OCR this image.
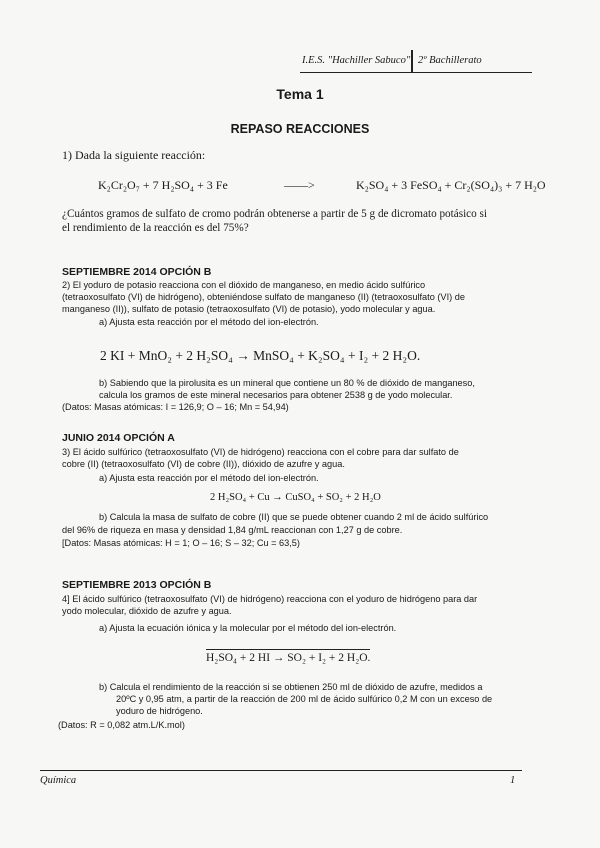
I.E.S. "Hachiller Sabuco" 2º Bachillerato
Tema 1
REPASO REACCIONES
1) Dada la siguiente reacción:
K₂Cr₂O₇ + 7 H₂SO₄ + 3 Fe	——>	K₂SO₄ + 3 FeSO₄ + Cr₂(SO₄)₃ + 7 H₂O
¿Cuántos gramos de sulfato de cromo podrán obtenerse a partir de 5 g de dicromato potásico si
el rendimiento de la reacción es del 75%?
SEPTIEMBRE 2014 OPCIÓN B
2) El yoduro de potasio reacciona con el dióxido de manganeso, en medio ácido sulfúrico
(tetraoxosulfato (VI) de hidrógeno), obteniéndose sulfato de manganeso (II) (tetraoxosulfato (VI) de
manganeso (II)), sulfato de potasio (tetraoxosulfato (VI) de potasio), yodo molecular y agua.
a) Ajusta esta reacción por el método del ion-electrón.
2 KI + MnO₂ + 2 H₂SO₄ → MnSO₄ + K₂SO₄ + I₂ + 2 H₂O.
b) Sabiendo que la pirolusita es un mineral que contiene un 80 % de dióxido de manganeso,
calcula los gramos de este mineral necesarios para obtener 2538 g de yodo molecular.
(Datos: Masas atómicas: I = 126,9; O – 16; Mn = 54,94)
JUNIO 2014 OPCIÓN A
3) El ácido sulfúrico (tetraoxosulfato (VI) de hidrógeno) reacciona con el cobre para dar sulfato de
cobre (II) (tetraoxosulfato (VI) de cobre (II)), dióxido de azufre y agua.
a) Ajusta esta reacción por el método del ion-electrón.
2 H₂SO₄ + Cu → CuSO₄ + SO₂ + 2 H₂O
b) Calcula la masa de sulfato de cobre (II) que se puede obtener cuando 2 ml de ácido sulfúrico
del 96% de riqueza en masa y densidad 1,84 g/mL reaccionan con 1,27 g de cobre.
[Datos: Masas atómicas: H = 1; O – 16; S – 32; Cu = 63,5)
SEPTIEMBRE 2013 OPCIÓN B
4] El ácido sulfúrico (tetraoxosulfato (VI) de hidrógeno) reacciona con el yoduro de hidrógeno para dar
yodo molecular, dióxido de azufre y agua.
a) Ajusta la ecuación iónica y la molecular por el método del ion-electrón.
H₂SO₄ + 2 HI → SO₂ + I₂ + 2 H₂O.
b) Calcula el rendimiento de la reacción si se obtienen 250 ml de dióxido de azufre, medidos a
20ºC y 0,95 atm, a partir de la reacción de 200 ml de ácido sulfúrico 0,2 M con un exceso de
yoduro de hidrógeno.
(Datos: R = 0,082 atm.L/K.mol)
Química	1
